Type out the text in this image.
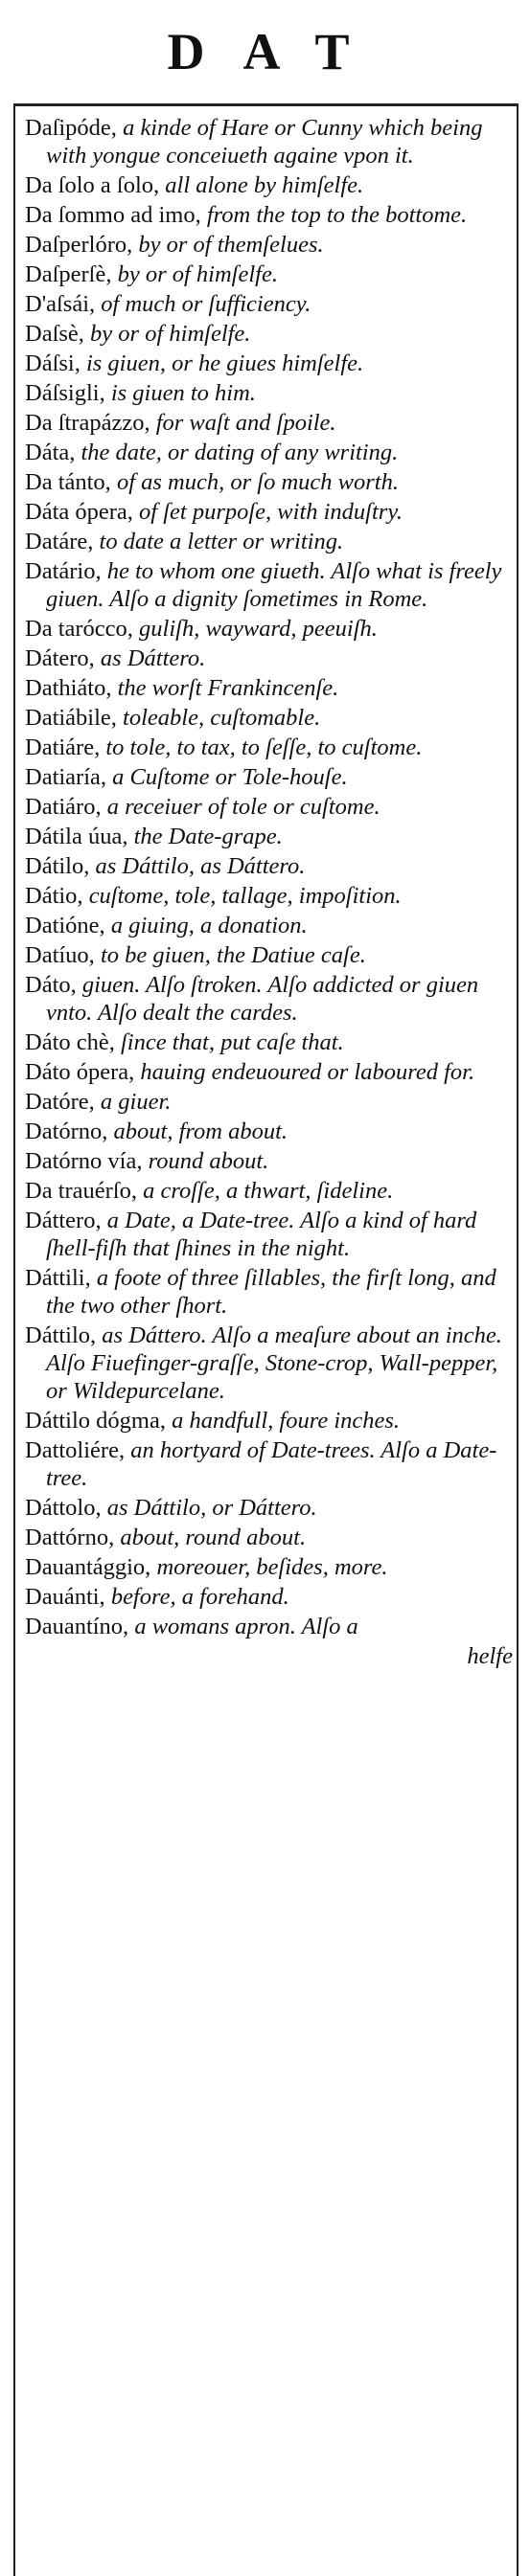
DAT
Daſipóde, a kinde of Hare or Cunny which being with yongue conceiueth againe vpon it.
Da ſolo a ſolo, all alone by himſelfe.
Da ſommo ad imo, from the top to the bottome.
Daſperlóro, by or of themſelues.
Daſperſè, by or of himſelfe.
D'aſsái, of much or ſufficiency.
Daſsè, by or of himſelfe.
Dáſsi, is giuen, or he giues himſelfe.
Dáſsigli, is giuen to him.
Da ſtrapázzo, for waſt and ſpoile.
Dáta, the date, or dating of any writing.
Da tánto, of as much, or ſo much worth.
Dáta ópera, of ſet purpoſe, with induſtry.
Datáre, to date a letter or writing.
Datário, he to whom one giueth. Alſo what is freely giuen. Alſo a dignity ſometimes in Rome.
Da tarócco, guliſh, wayward, peeuiſh.
Dátero, as Dáttero.
Dathiáto, the worſt Frankincenſe.
Datiábile, toleable, cuſtomable.
Datiáre, to tole, to tax, to ſeſſe, to cuſtome.
Datiaría, a Cuſtome or Tole-houſe.
Datiáro, a receiuer of tole or cuſtome.
Dátila úua, the Date-grape.
Dátilo, as Dáttilo, as Dáttero.
Dátio, cuſtome, tole, tallage, impoſition.
Datióne, a giuing, a donation.
Datíuo, to be giuen, the Datiue caſe.
Dáto, giuen. Alſo ſtroken. Alſo addicted or giuen vnto. Alſo dealt the cardes.
Dáto chè, ſince that, put caſe that.
Dáto ópera, hauing endeuoured or laboured for.
Datóre, a giuer.
Datórno, about, from about.
Datórno vía, round about.
Da trauérſo, a croſſe, a thwart, ſideline.
Dáttero, a Date, a Date-tree. Alſo a kind of hard ſhell-fiſh that ſhines in the night.
Dáttili, a foote of three ſillables, the firſt long, and the two other ſhort.
Dáttilo, as Dáttero. Alſo a meaſure about an inche. Alſo Fiuefinger-graſſe, Stone-crop, Wall-pepper, or Wildepurcelane.
Dáttilo dógma, a handfull, foure inches.
Dattoliére, an hortyard of Date-trees. Alſo a Date-tree.
Dáttolo, as Dáttilo, or Dáttero.
Dattórno, about, round about.
Dauantággio, moreouer, beſides, more.
Dauánti, before, a forehand.
Dauantíno, a womans apron. Alſo a
helfe
